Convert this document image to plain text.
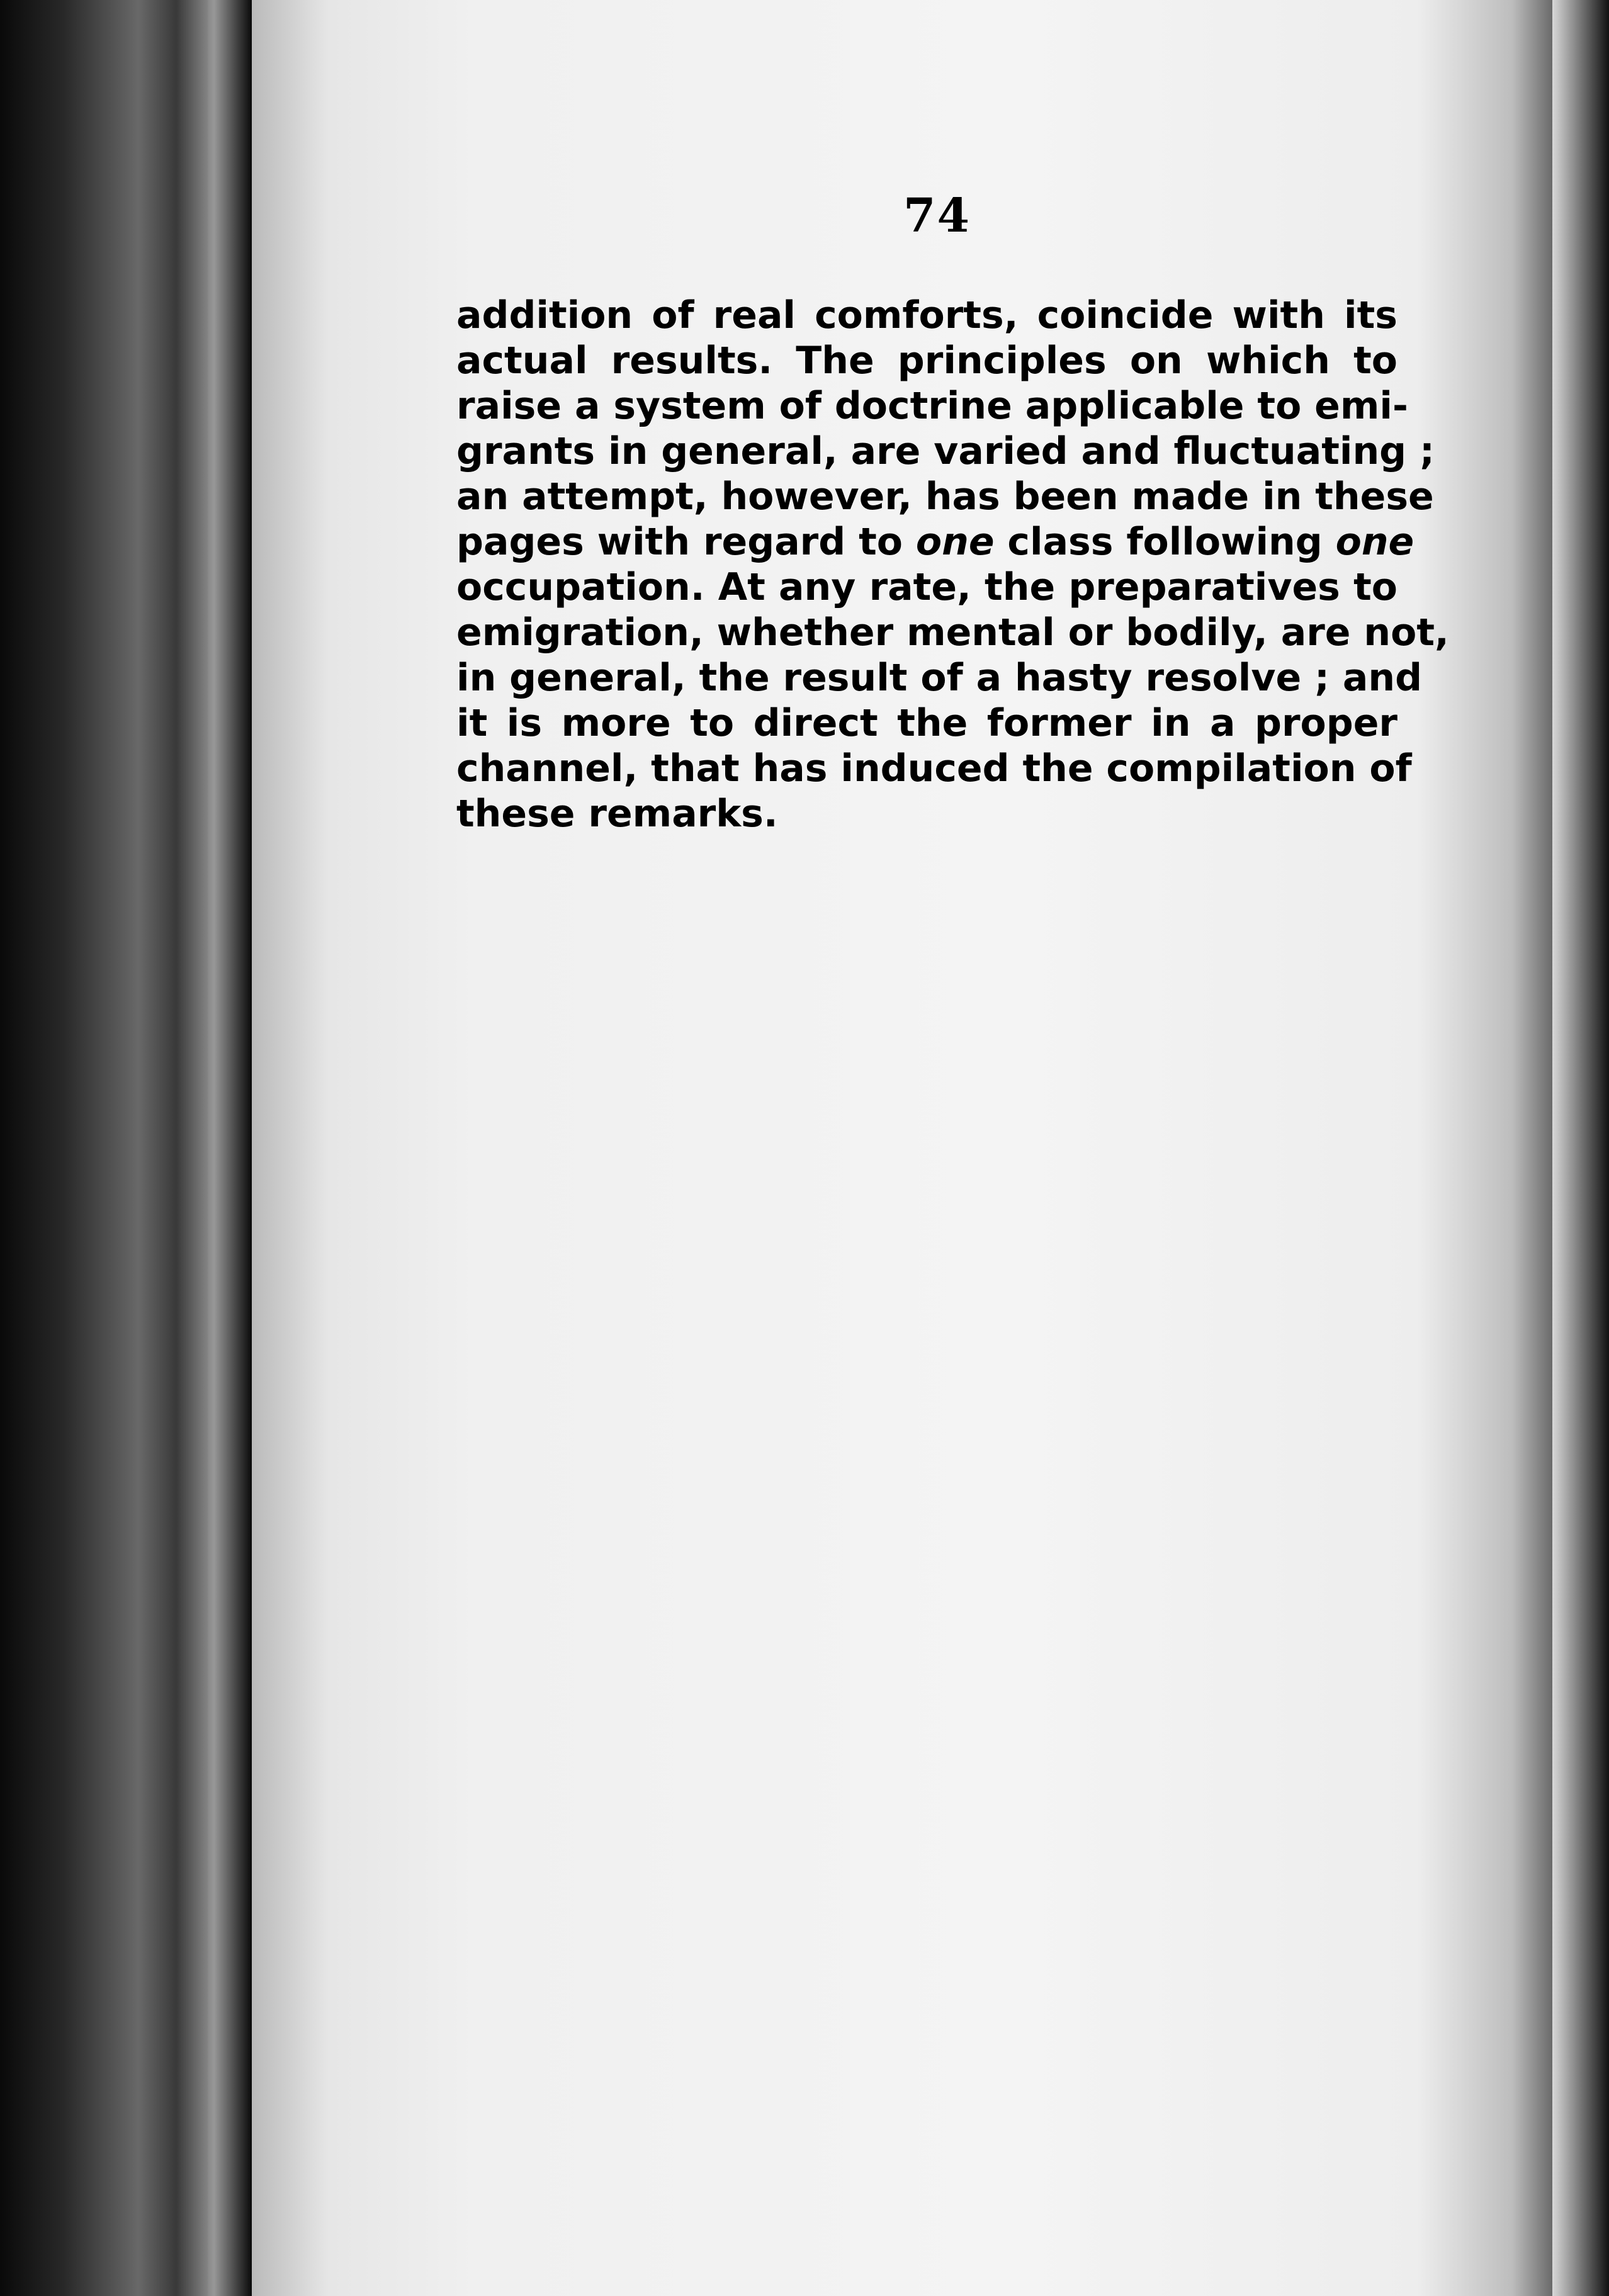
74
addition of real comforts, coincide with its
actual results. The principles on which to
raise a system of doctrine applicable to emi-
grants in general, are varied and fluctuating ;
an attempt, however, has been made in these
pages with regard to one class following one
occupation. At any rate, the preparatives to
emigration, whether mental or bodily, are not,
in general, the result of a hasty resolve ; and
it is more to direct the former in a proper
channel, that has induced the compilation of
these remarks.
